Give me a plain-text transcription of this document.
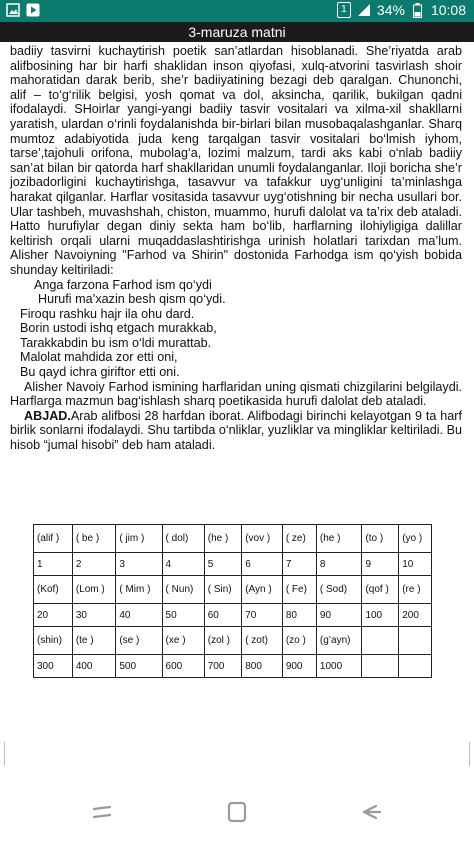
1	34% 10:08
3-maruza matni

badiiy tasvirni kuchaytirish poetik san’atlardan hisoblanadi. She’riyatda arab alifbosining har bir harfi shaklidan inson qiyofasi, xulq-atvorini tasvirlash shoir mahoratidan darak berib, she’r badiiyatining bezagi deb qaralgan. Chunonchi, alif – to‘g‘rilik belgisi, yosh qomat va dol, aksincha, qarilik, bukilgan qadni ifodalaydi. SHoirlar yangi-yangi badiiy tasvir vositalari va xilma-xil shakllarni yaratish, ulardan o‘rinli foydalanishda bir-birlari bilan musobaqalashganlar. Sharq mumtoz adabiyotida juda keng tarqalgan tasvir vositalari bo‘lmish iyhom, tarse’,tajohuli orifona, mubolag‘a, lozimi malzum, tardi aks kabi o‘nlab badiiy san’at bilan bir qatorda harf shakllaridan unumli foydalanganlar. Iloji boricha she’r jozibadorligini kuchaytirishga, tasavvur va tafakkur uyg‘unligini ta’minlashga harakat qilganlar. Harflar vositasida tasavvur uyg‘otishning bir necha usullari bor. Ular tashbeh, muvashshah, chiston, muammo, hurufi dalolat va ta’rix deb ataladi. Hatto hurufiylar degan diniy sekta ham bo‘lib, harflarning ilohiyligiga dalillar keltirish orqali ularni muqaddaslashtirishga urinish holatlari tarixdan ma’lum. Alisher Navoiyning "Farhod va Shirin" dostonida Farhodga ism qo‘yish bobida shunday keltiriladi:

Anga farzona Farhod ism qo‘ydi

Hurufi ma’xazin besh qism qo‘ydi.

Firoqu rashku hajr ila ohu dard.

Borin ustodi ishq etgach murakkab,

Tarakkabdin bu ism o‘ldi murattab.

Malolat mahdida zor etti oni,

Bu qayd ichra giriftor etti oni.

Alisher Navoiy Farhod ismining harflaridan uning qismati chizgilarini belgilaydi. Harflarga mazmun bag‘ishlash sharq poetikasida hurufi dalolat deb ataladi.

ABJAD.Arab alifbosi 28 harfdan iborat. Alifbodagi birinchi kelayotgan 9 ta harf birlik sonlarni ifodalaydi. Shu tartibda o‘nliklar, yuzliklar va mingliklar keltiriladi. Bu hisob “jumal hisobi” deb ham ataladi.

(alif )	( be )	( jim )	( dol)	(he )	(vov )	( ze)	(he )	(to )	(yo )
1	2	3	4	5	6	7	8	9	10
(Kof)	(Lom )	( Mim )	( Nun)	( Sin)	(Ayn )	( Fe)	( Sod)	(qof )	(re )
20	30	40	50	60	70	80	90	100	200
(shin)	(te )	(se )	(xe )	(zol )	( zot)	(zo )	(g’ayn)		
300	400	500	600	700	800	900	1000		
